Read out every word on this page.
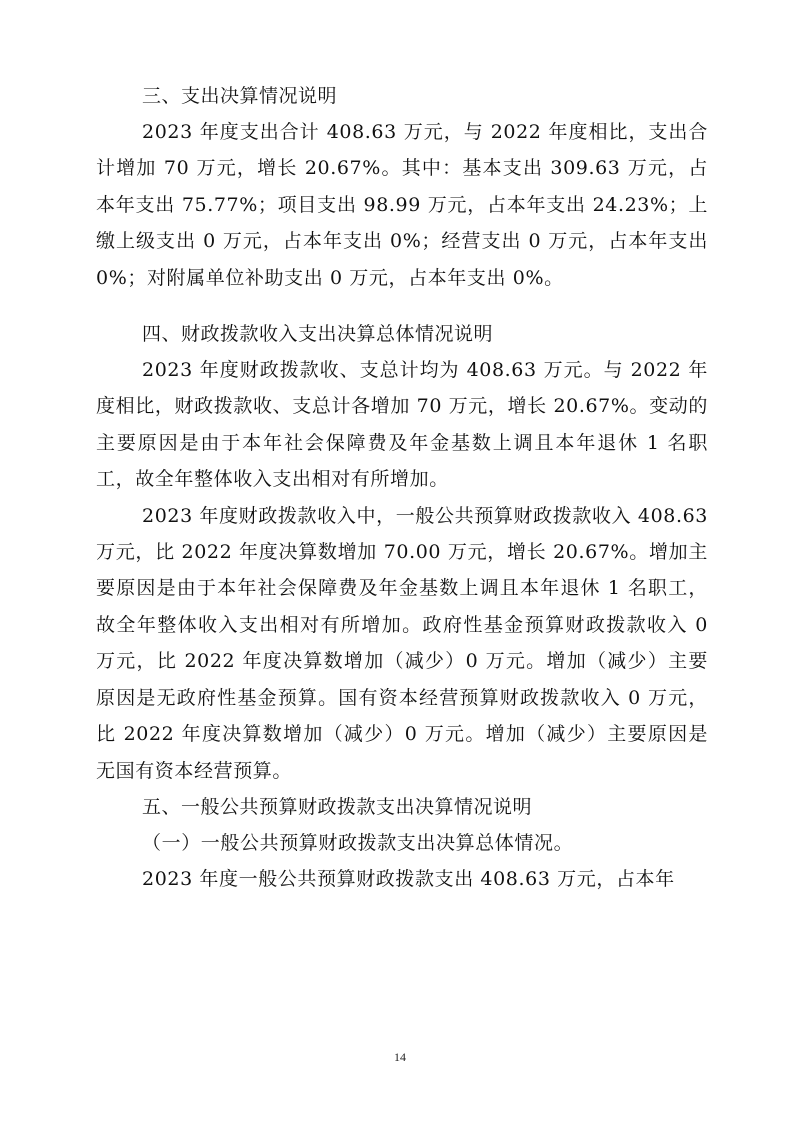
三、支出决算情况说明

2023 年度支出合计 408.63 万元，与 2022 年度相比，支出合计增加 70 万元，增长 20.67%。其中：基本支出 309.63 万元，占本年支出 75.77%；项目支出 98.99 万元，占本年支出 24.23%；上缴上级支出 0 万元，占本年支出 0%；经营支出 0 万元，占本年支出 0%；对附属单位补助支出 0 万元，占本年支出 0%。

四、财政拨款收入支出决算总体情况说明

2023 年度财政拨款收、支总计均为 408.63 万元。与 2022 年度相比，财政拨款收、支总计各增加 70 万元，增长 20.67%。变动的主要原因是由于本年社会保障费及年金基数上调且本年退休 1 名职工，故全年整体收入支出相对有所增加。

2023 年度财政拨款收入中，一般公共预算财政拨款收入 408.63 万元，比 2022 年度决算数增加 70.00 万元，增长 20.67%。增加主要原因是由于本年社会保障费及年金基数上调且本年退休 1 名职工，故全年整体收入支出相对有所增加。政府性基金预算财政拨款收入 0 万元，比 2022 年度决算数增加（减少）0 万元。增加（减少）主要原因是无政府性基金预算。国有资本经营预算财政拨款收入 0 万元，比 2022 年度决算数增加（减少）0 万元。增加（减少）主要原因是无国有资本经营预算。

五、一般公共预算财政拨款支出决算情况说明

（一）一般公共预算财政拨款支出决算总体情况。

2023 年度一般公共预算财政拨款支出 408.63 万元，占本年

14
